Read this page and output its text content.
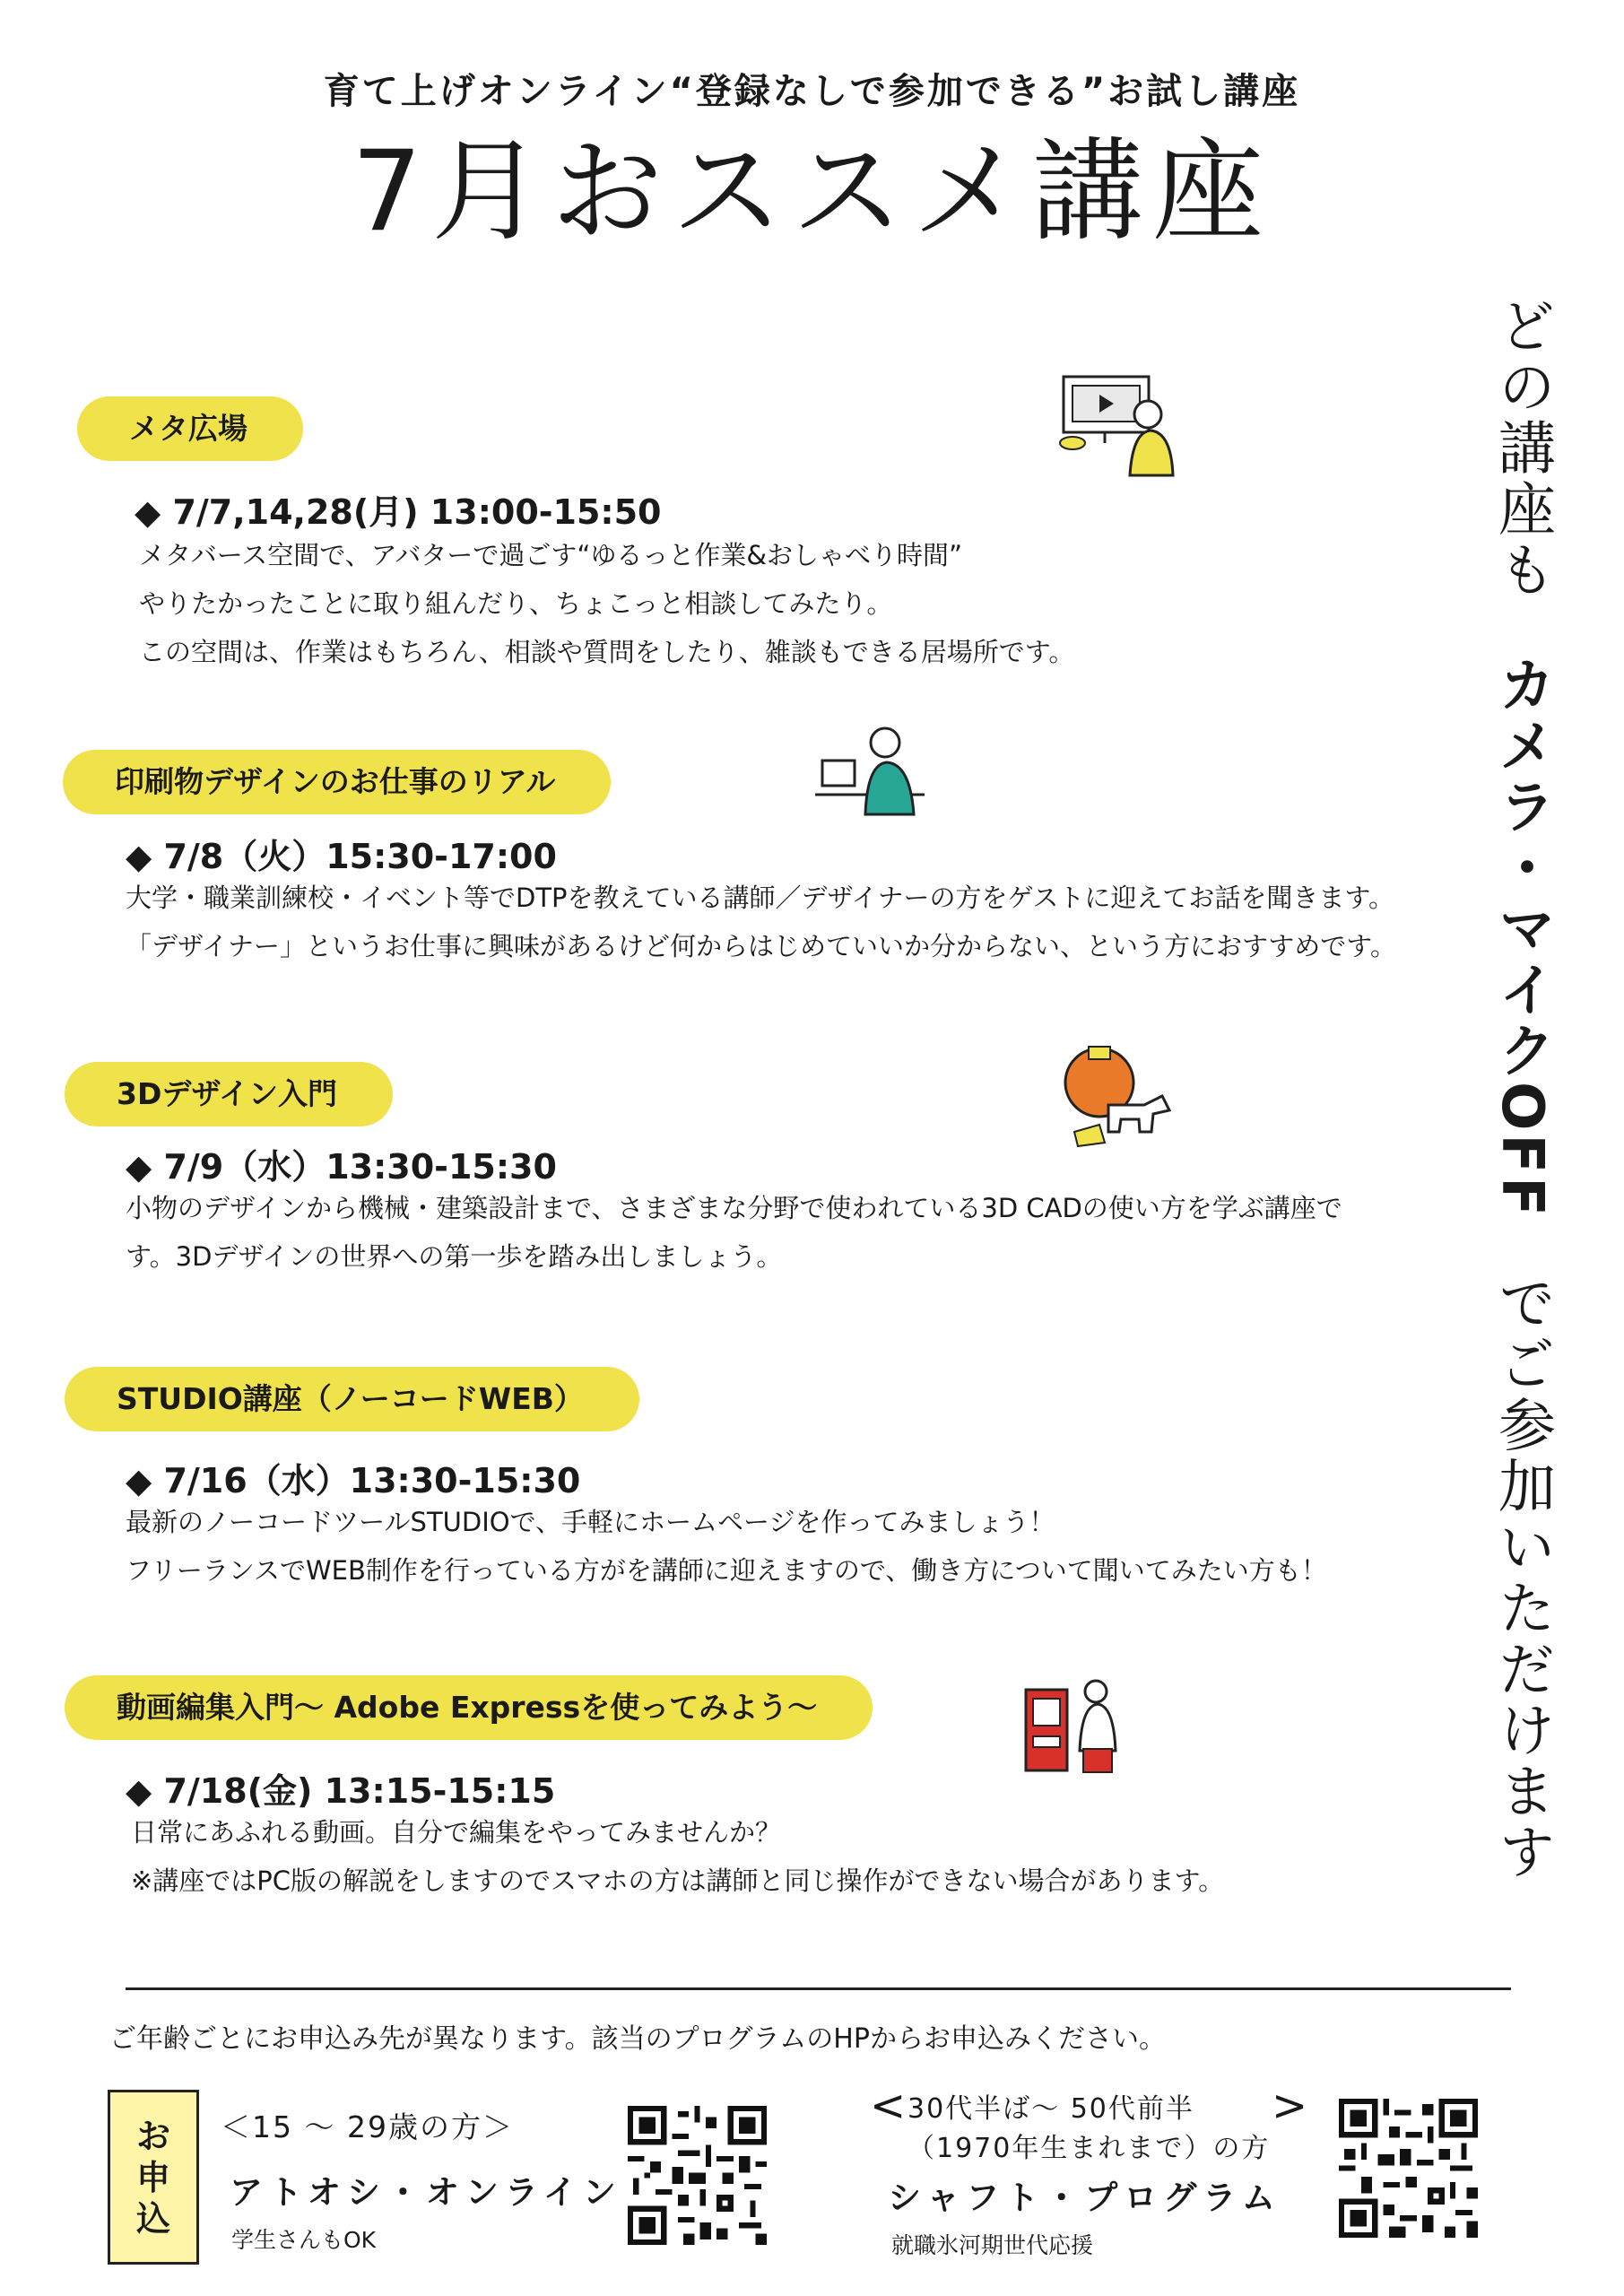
育て上げオンライン“登録なしで参加できる”お試し講座
7月おススメ講座
どの講座もカメラ・マイクOFFでご参加いただけます
メタ広場
◆ 7/7,14,28(月) 13:00-15:50
メタバース空間で、アバターで過ごす“ゆるっと作業&おしゃべり時間”
やりたかったことに取り組んだり、ちょこっと相談してみたり。
この空間は、作業はもちろん、相談や質問をしたり、雑談もできる居場所です。
印刷物デザインのお仕事のリアル
◆ 7/8（火）15:30-17:00
大学・職業訓練校・イベント等でDTPを教えている講師／デザイナーの方をゲストに迎えてお話を聞きます。
「デザイナー」というお仕事に興味があるけど何からはじめていいか分からない、という方におすすめです。
3Dデザイン入門
◆ 7/9（水）13:30-15:30
小物のデザインから機械・建築設計まで、さまざまな分野で使われている3D CADの使い方を学ぶ講座で
す。3Dデザインの世界への第一歩を踏み出しましょう。
STUDIO講座（ノーコードWEB）
◆ 7/16（水）13:30-15:30
最新のノーコードツールSTUDIOで、手軽にホームページを作ってみましょう！
フリーランスでWEB制作を行っている方がを講師に迎えますので、働き方について聞いてみたい方も！
動画編集入門〜 Adobe Expressを使ってみよう〜
◆ 7/18(金) 13:15-15:15
日常にあふれる動画。自分で編集をやってみませんか？
※講座ではPC版の解説をしますのでスマホの方は講師と同じ操作ができない場合があります。
ご年齢ごとにお申込み先が異なります。該当のプログラムのHPからお申込みください。
お申込
＜15 〜 29歳の方＞
アトオシ・オンライン
学生さんもOK
< 30代半ば〜 50代前半
（1970年生まれまで）の方
>
シャフト・プログラム
就職氷河期世代応援
